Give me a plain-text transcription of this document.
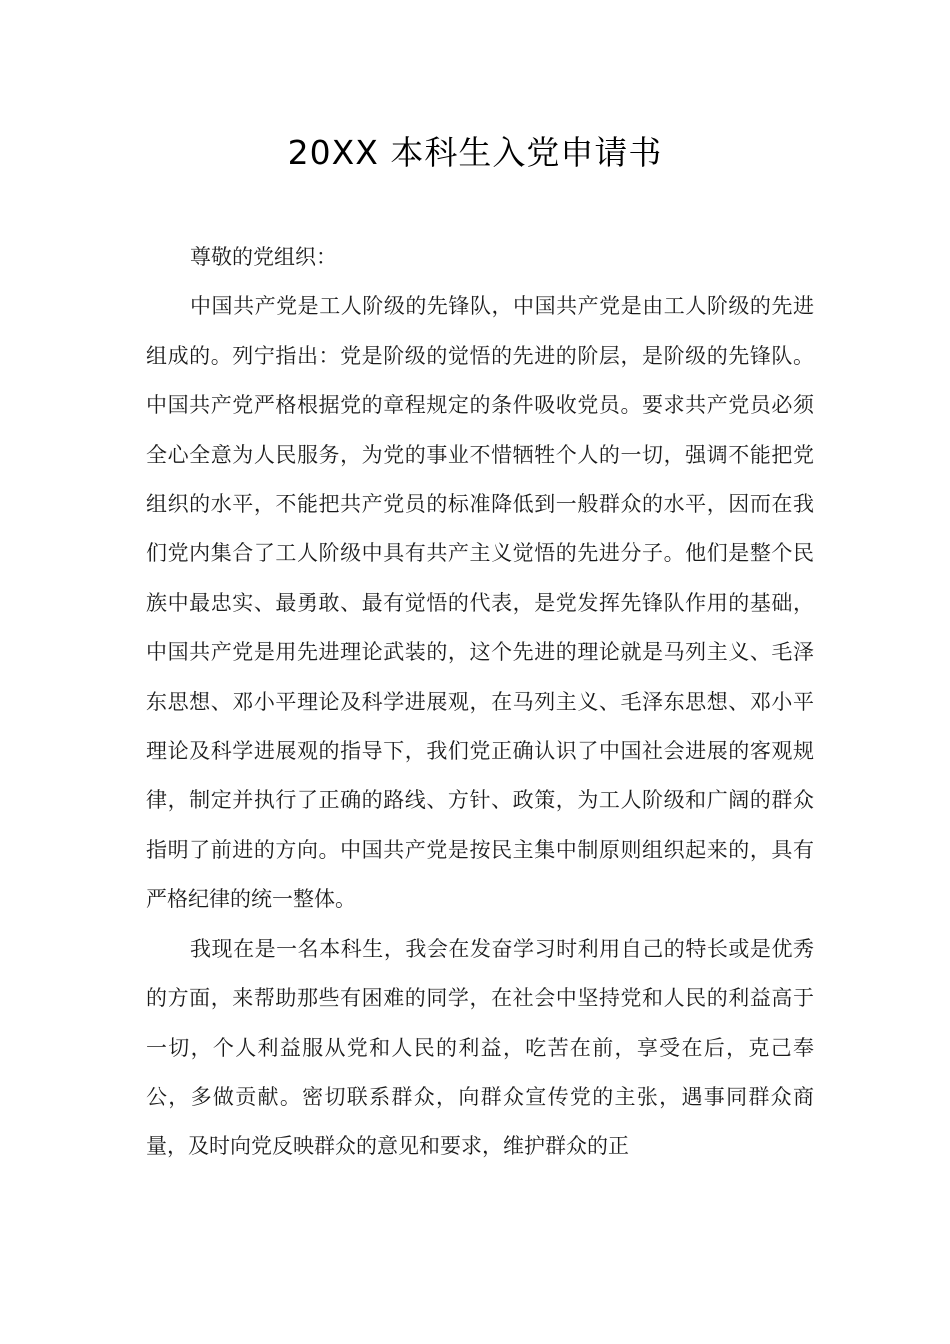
20XX 本科生入党申请书

尊敬的党组织：

中国共产党是工人阶级的先锋队，中国共产党是由工人阶级的先进组成的。列宁指出：党是阶级的觉悟的先进的阶层，是阶级的先锋队。中国共产党严格根据党的章程规定的条件吸收党员。要求共产党员必须全心全意为人民服务，为党的事业不惜牺牲个人的一切，强调不能把党组织的水平，不能把共产党员的标准降低到一般群众的水平，因而在我们党内集合了工人阶级中具有共产主义觉悟的先进分子。他们是整个民族中最忠实、最勇敢、最有觉悟的代表，是党发挥先锋队作用的基础，中国共产党是用先进理论武装的，这个先进的理论就是马列主义、毛泽东思想、邓小平理论及科学进展观，在马列主义、毛泽东思想、邓小平理论及科学进展观的指导下，我们党正确认识了中国社会进展的客观规律，制定并执行了正确的路线、方针、政策，为工人阶级和广阔的群众指明了前进的方向。中国共产党是按民主集中制原则组织起来的，具有严格纪律的统一整体。

我现在是一名本科生，我会在发奋学习时利用自己的特长或是优秀的方面，来帮助那些有困难的同学，在社会中坚持党和人民的利益高于一切，个人利益服从党和人民的利益，吃苦在前，享受在后，克己奉公，多做贡献。密切联系群众，向群众宣传党的主张，遇事同群众商量，及时向党反映群众的意见和要求，维护群众的正
